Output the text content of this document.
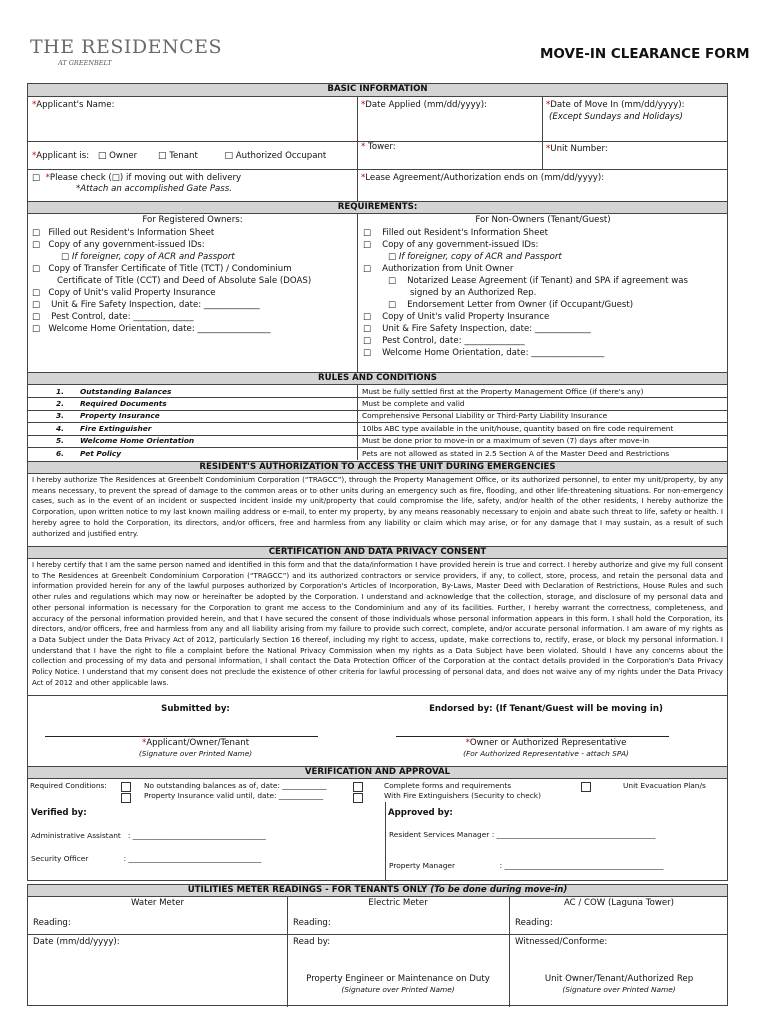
THE RESIDENCES
AT GREENBELT
MOVE-IN CLEARANCE FORM
BASIC INFORMATION
*Applicant's Name:	*Date Applied (mm/dd/yyyy):	*Date of Move In (mm/dd/yyyy):
(Except Sundays and Holidays)
*Applicant is: □ Owner □ Tenant	□ Authorized Occupant
* Tower:	*Unit Number:
□ *Please check (□) if moving out with delivery
*Attach an accomplished Gate Pass.
*Lease Agreement/Authorization ends on (mm/dd/yyyy):
REQUIREMENTS:
For Registered Owners:	For Non-Owners (Tenant/Guest)
□ Filled out Resident's Information Sheet
□ Copy of any government-issued IDs:
□ If foreigner, copy of ACR and Passport
□ Copy of Transfer Certificate of Title (TCT) / Condominium
Certificate of Title (CCT) and Deed of Absolute Sale (DOAS)
□ Copy of Unit's valid Property Insurance
□ Unit & Fire Safety Inspection, date: _____________
□ Pest Control, date: ______________
□ Welcome Home Orientation, date: _________________
□ Filled out Resident's Information Sheet
□ Copy of any government-issued IDs:
□ If foreigner, copy of ACR and Passport
□ Authorization from Unit Owner
□ Notarized Lease Agreement (if Tenant) and SPA if agreement was
signed by an Authorized Rep.
□ Endorsement Letter from Owner (if Occupant/Guest)
□ Copy of Unit's valid Property Insurance
□ Unit & Fire Safety Inspection, date: _____________
□ Pest Control, date: ______________
□ Welcome Home Orientation, date: _________________
RULES AND CONDITIONS
1. Outstanding Balances	Must be fully settled first at the Property Management Office (if there's any)
2. Required Documents	Must be complete and valid
3. Property Insurance	Comprehensive Personal Liability or Third-Party Liability Insurance
4. Fire Extinguisher	10lbs ABC type available in the unit/house, quantity based on fire code requirement
5. Welcome Home Orientation	Must be done prior to move-in or a maximum of seven (7) days after move-in
6. Pet Policy	Pets are not allowed as stated in 2.5 Section A of the Master Deed and Restrictions
RESIDENT'S AUTHORIZATION TO ACCESS THE UNIT DURING EMERGENCIES
I hereby authorize The Residences at Greenbelt Condominium Corporation (“TRAGCC”), through the Property Management Office, or its authorized personnel, to enter my unit/property, by any means necessary, to prevent the spread of damage to the common areas or to other units during an emergency such as fire, flooding, and other life-threatening situations. For non-emergency cases, such as in the event of an incident or suspected incident inside my unit/property that could compromise the life, safety, and/or health of the other residents, I hereby authorize the Corporation, upon written notice to my last known mailing address or e-mail, to enter my property, by any means reasonably necessary to enjoin and abate such threat to life, safety or health. I hereby agree to hold the Corporation, its directors, and/or officers, free and harmless from any liability or claim which may arise, or for any damage that I may sustain, as a result of such authorized and justified entry.
CERTIFICATION AND DATA PRIVACY CONSENT
I hereby certify that I am the same person named and identified in this form and that the data/information I have provided herein is true and correct. I hereby authorize and give my full consent to The Residences at Greenbelt Condominium Corporation (“TRAGCC”) and its authorized contractors or service providers, if any, to collect, store, process, and retain the personal data and information provided herein for any of the lawful purposes authorized by Corporation's Articles of Incorporation, By-Laws, Master Deed with Declaration of Restrictions, House Rules and such other rules and regulations which may now or hereinafter be adopted by the Corporation. I understand and acknowledge that the collection, storage, and disclosure of my personal data and other personal information is necessary for the Corporation to grant me access to the Condominium and any of its facilities. Further, I hereby warrant the correctness, completeness, and accuracy of the personal information provided herein, and that I have secured the consent of those individuals whose personal information appears in this form. I shall hold the Corporation, its directors, and/or officers, free and harmless from any and all liability arising from my failure to provide such correct, complete, and/or accurate personal information. I am aware of my rights as a Data Subject under the Data Privacy Act of 2012, particularly Section 16 thereof, including my right to access, update, make corrections to, rectify, erase, or block my personal information. I understand that I have the right to file a complaint before the National Privacy Commission when my rights as a Data Subject have been violated. Should I have any concerns about the collection and processing of my data and personal information, I shall contact the Data Protection Officer of the Corporation at the contact details provided in the Corporation's Data Privacy Policy Notice. I understand that my consent does not preclude the existence of other criteria for lawful processing of personal data, and does not waive any of my rights under the Data Privacy Act of 2012 and other applicable laws.
Submitted by:	Endorsed by: (If Tenant/Guest will be moving in)
*Applicant/Owner/Tenant
(Signature over Printed Name)
*Owner or Authorized Representative
(For Authorized Representative - attach SPA)
VERIFICATION AND APPROVAL
Required Conditions:	No outstanding balances as of, date: ____________
Property Insurance valid until, date: ____________
Complete forms and requirements
With Fire Extinguishers (Security to check)
Unit Evacuation Plan/s
Verified by:	Approved by:
Administrative Assistant : ____________________________________
Security Officer	: ____________________________________
Resident Services Manager : ___________________________________________
Property Manager	: ___________________________________________
UTILITIES METER READINGS - FOR TENANTS ONLY (To be done during move-in)
Water Meter	Electric Meter	AC / COW (Laguna Tower)
Reading:	Reading:	Reading:
Date (mm/dd/yyyy):	Read by:	Witnessed/Conforme:
Property Engineer or Maintenance on Duty
(Signature over Printed Name)
Unit Owner/Tenant/Authorized Rep
(Signature over Printed Name)
